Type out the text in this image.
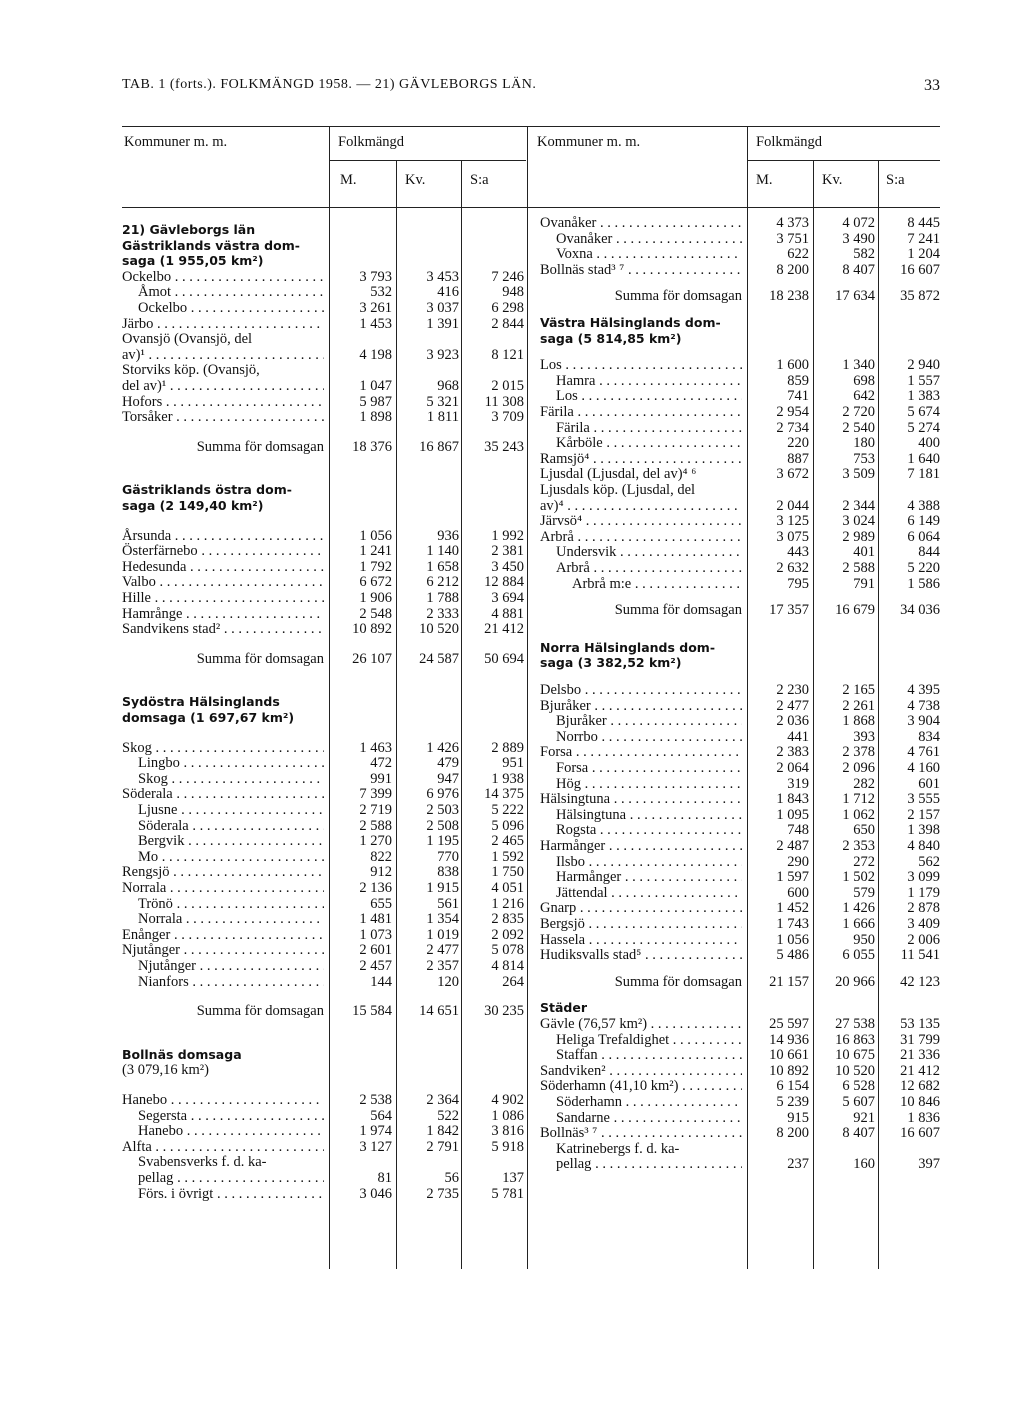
TAB. 1 (forts.). FOLKMÄNGD 1958. — 21) GÄVLEBORGS LÄN.	33
Kommuner m. m.	Folkmängd	Kommuner m. m.	Folkmängd
M.	Kv.	S:a	M.	Kv.	S:a
21) Gävleborgs län
Gästriklands västra dom-
saga (1 955,05 km²)
Ockelbo . . .	3 793	3 453	7 246
Åmot . . .	532	416	948
Ockelbo . . .	3 261	3 037	6 298
Järbo . . .	1 453	1 391	2 844
Ovansjö (Ovansjö, del
av)¹ . . .	4 198	3 923	8 121
Storviks köp. (Ovansjö,
del av)¹ . . .	1 047	968	2 015
Hofors . . .	5 987	5 321	11 308
Torsåker . . .	1 898	1 811	3 709
Summa för domsagan	18 376	16 867	35 243
Gästriklands östra dom-
saga (2 149,40 km²)
Årsunda . . .	1 056	936	1 992
Österfärnebo . . .	1 241	1 140	2 381
Hedesunda . . .	1 792	1 658	3 450
Valbo . . .	6 672	6 212	12 884
Hille . . .	1 906	1 788	3 694
Hamrånge . . .	2 548	2 333	4 881
Sandvikens stad² . . .	10 892	10 520	21 412
Summa för domsagan	26 107	24 587	50 694
Sydöstra Hälsinglands
domsaga (1 697,67 km²)
Skog . . .	1 463	1 426	2 889
Lingbo . . .	472	479	951
Skog . . .	991	947	1 938
Söderala . . .	7 399	6 976	14 375
Ljusne . . .	2 719	2 503	5 222
Söderala . . .	2 588	2 508	5 096
Bergvik . . .	1 270	1 195	2 465
Mo . . .	822	770	1 592
Rengsjö . . .	912	838	1 750
Norrala . . .	2 136	1 915	4 051
Trönö . . .	655	561	1 216
Norrala . . .	1 481	1 354	2 835
Enånger . . .	1 073	1 019	2 092
Njutånger . . .	2 601	2 477	5 078
Njutånger . . .	2 457	2 357	4 814
Nianfors . . .	144	120	264
Summa för domsagan	15 584	14 651	30 235
Bollnäs domsaga
(3 079,16 km²)
Hanebo . . .	2 538	2 364	4 902
Segersta . . .	564	522	1 086
Hanebo . . .	1 974	1 842	3 816
Alfta . . .	3 127	2 791	5 918
Svabensverks f. d. ka-
pellag . . .	81	56	137
Förs. i övrigt . . .	3 046	2 735	5 781
Ovanåker . . .	4 373	4 072	8 445
Ovanåker . . .	3 751	3 490	7 241
Voxna . . .	622	582	1 204
Bollnäs stad³ ⁷ . . .	8 200	8 407	16 607
Summa för domsagan	18 238	17 634	35 872
Västra Hälsinglands dom-
saga (5 814,85 km²)
Los . . .	1 600	1 340	2 940
Hamra . . .	859	698	1 557
Los . . .	741	642	1 383
Färila . . .	2 954	2 720	5 674
Färila . . .	2 734	2 540	5 274
Kårböle . . .	220	180	400
Ramsjö⁴ . . .	887	753	1 640
Ljusdal (Ljusdal, del av)⁴ ⁶	3 672	3 509	7 181
Ljusdals köp. (Ljusdal, del
av)⁴ . . .	2 044	2 344	4 388
Järvsö⁴ . . .	3 125	3 024	6 149
Arbrå . . .	3 075	2 989	6 064
Undersvik . . .	443	401	844
Arbrå . . .	2 632	2 588	5 220
Arbrå m:e . . .	795	791	1 586
Summa för domsagan	17 357	16 679	34 036
Norra Hälsinglands dom-
saga (3 382,52 km²)
Delsbo . . .	2 230	2 165	4 395
Bjuråker . . .	2 477	2 261	4 738
Bjuråker . . .	2 036	1 868	3 904
Norrbo . . .	441	393	834
Forsa . . .	2 383	2 378	4 761
Forsa . . .	2 064	2 096	4 160
Hög . . .	319	282	601
Hälsingtuna . . .	1 843	1 712	3 555
Hälsingtuna . . .	1 095	1 062	2 157
Rogsta . . .	748	650	1 398
Harmånger . . .	2 487	2 353	4 840
Ilsbo . . .	290	272	562
Harmånger . . .	1 597	1 502	3 099
Jättendal . . .	600	579	1 179
Gnarp . . .	1 452	1 426	2 878
Bergsjö . . .	1 743	1 666	3 409
Hassela . . .	1 056	950	2 006
Hudiksvalls stad⁵ . . .	5 486	6 055	11 541
Summa för domsagan	21 157	20 966	42 123
Städer
Gävle (76,57 km²) . . .	25 597	27 538	53 135
Heliga Trefaldighet . . .	14 936	16 863	31 799
Staffan . . .	10 661	10 675	21 336
Sandviken² . . .	10 892	10 520	21 412
Söderhamn (41,10 km²) . . .	6 154	6 528	12 682
Söderhamn . . .	5 239	5 607	10 846
Sandarne . . .	915	921	1 836
Bollnäs³ ⁷ . . .	8 200	8 407	16 607
Katrinebergs f. d. ka-
pellag . . .	237	160	397
